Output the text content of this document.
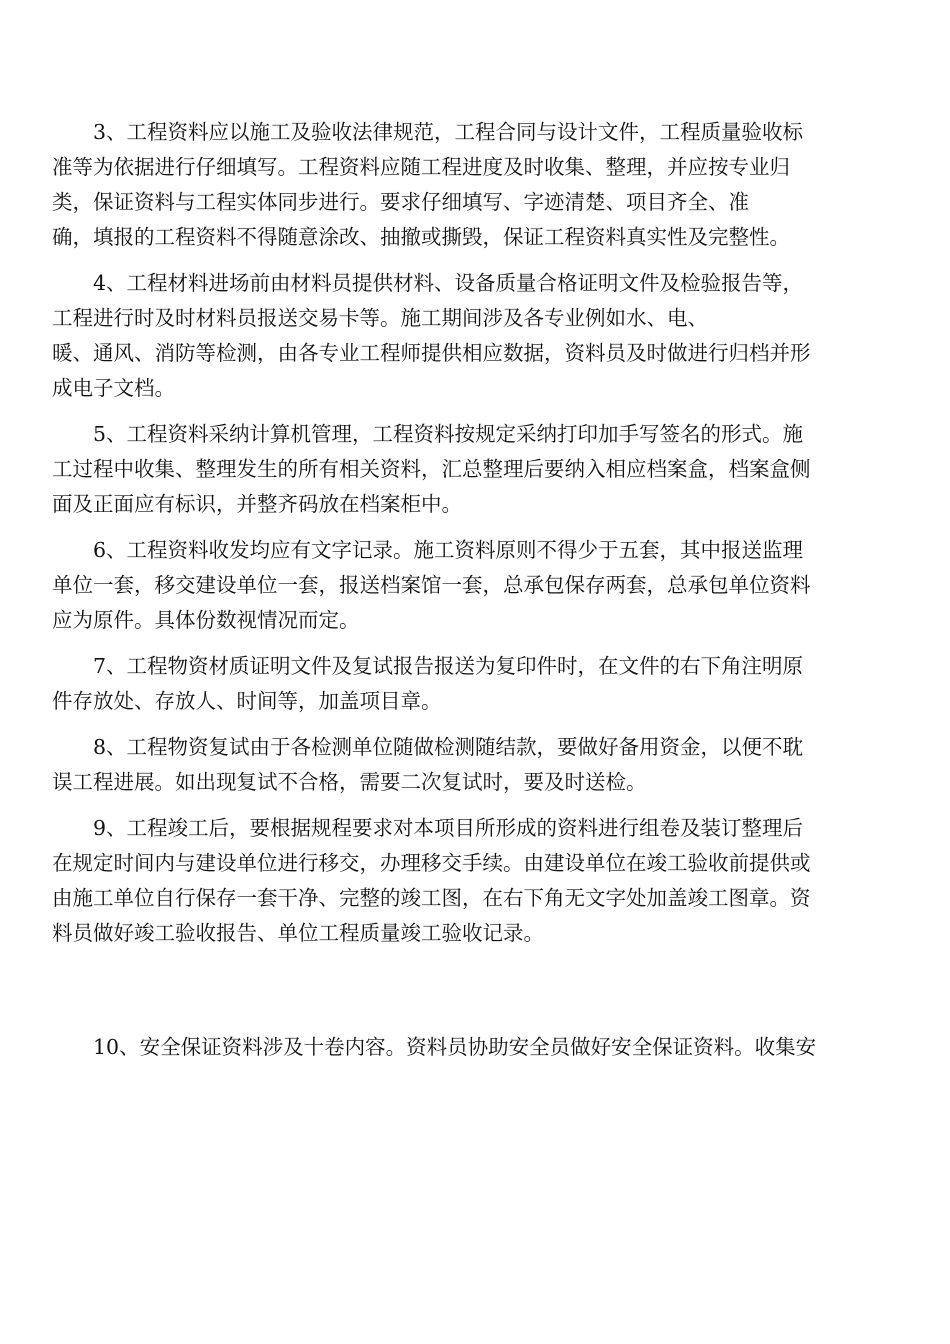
3、工程资料应以施工及验收法律规范，工程合同与设计文件，工程质量验收标
准等为依据进行仔细填写。工程资料应随工程进度及时收集、整理，并应按专业归
类，保证资料与工程实体同步进行。要求仔细填写、字迹清楚、项目齐全、准
确，填报的工程资料不得随意涂改、抽撤或撕毁，保证工程资料真实性及完整性。
4、工程材料进场前由材料员提供材料、设备质量合格证明文件及检验报告等，
工程进行时及时材料员报送交易卡等。施工期间涉及各专业例如水、电、
暖、通风、消防等检测，由各专业工程师提供相应数据，资料员及时做进行归档并形
成电子文档。
5、工程资料采纳计算机管理，工程资料按规定采纳打印加手写签名的形式。施
工过程中收集、整理发生的所有相关资料，汇总整理后要纳入相应档案盒，档案盒侧
面及正面应有标识，并整齐码放在档案柜中。
6、工程资料收发均应有文字记录。施工资料原则不得少于五套，其中报送监理
单位一套，移交建设单位一套，报送档案馆一套，总承包保存两套，总承包单位资料
应为原件。具体份数视情况而定。
7、工程物资材质证明文件及复试报告报送为复印件时，在文件的右下角注明原
件存放处、存放人、时间等，加盖项目章。
8、工程物资复试由于各检测单位随做检测随结款，要做好备用资金，以便不耽
误工程进展。如出现复试不合格，需要二次复试时，要及时送检。
9、工程竣工后，要根据规程要求对本项目所形成的资料进行组卷及装订整理后
在规定时间内与建设单位进行移交，办理移交手续。由建设单位在竣工验收前提供或
由施工单位自行保存一套干净、完整的竣工图，在右下角无文字处加盖竣工图章。资
料员做好竣工验收报告、单位工程质量竣工验收记录。
10、安全保证资料涉及十卷内容。资料员协助安全员做好安全保证资料。收集安
